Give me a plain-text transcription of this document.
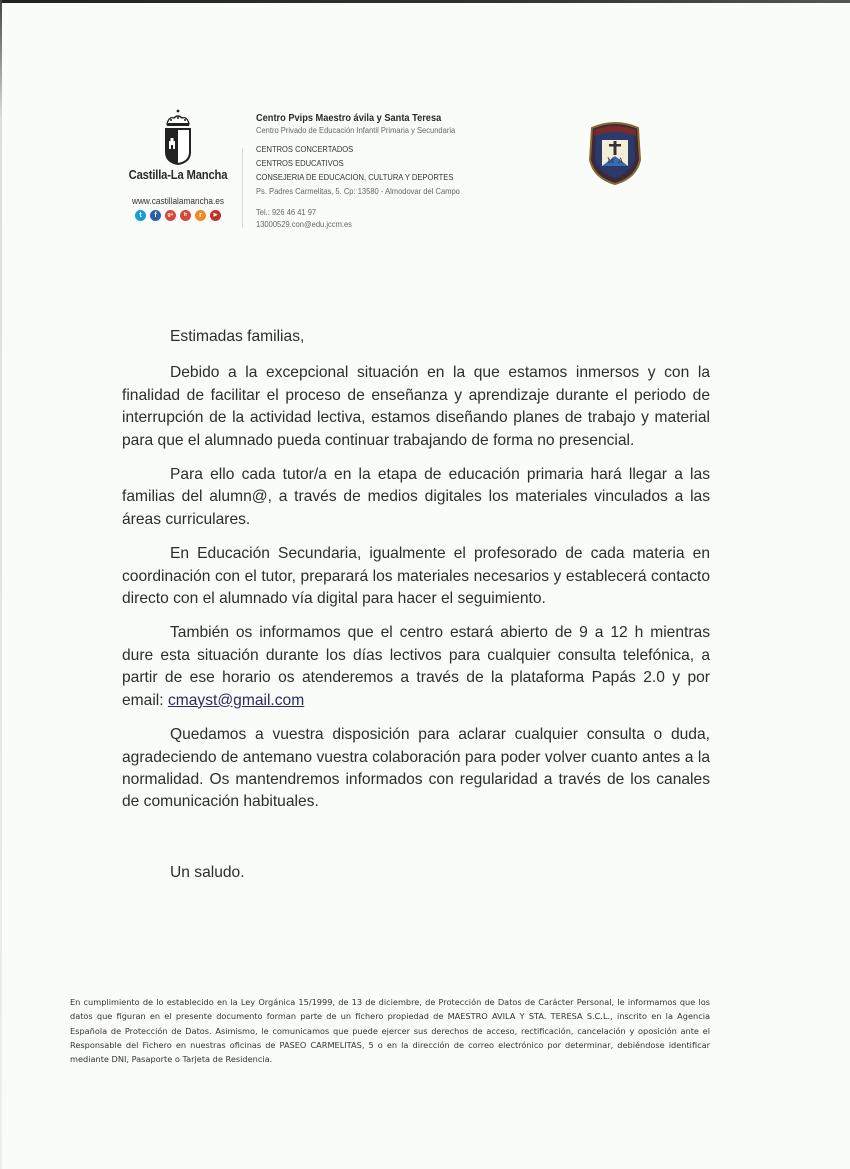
Castilla-La Mancha
www.castillalamancha.es
t	f	g+	fr	r	▶
Centro Pvips Maestro ávila y Santa Teresa
Centro Privado de Educación Infantil Primaria y Secundaria
CENTROS CONCERTADOS
CENTROS EDUCATIVOS
CONSEJERIA DE EDUCACION, CULTURA Y DEPORTES
Ps. Padres Carmelitas, 5. Cp: 13580 - Almodovar del Campo
Tel.: 926 46 41 97
13000529.con@edu.jccm.es
M A

Estimadas familias,

Debido a la excepcional situación en la que estamos inmersos y con la finalidad de facilitar el proceso de enseñanza y aprendizaje durante el periodo de interrupción de la actividad lectiva, estamos diseñando planes de trabajo y material para que el alumnado pueda continuar trabajando de forma no presencial.

Para ello cada tutor/a en la etapa de educación primaria hará llegar a las familias del alumn@, a través de medios digitales los materiales vinculados a las áreas curriculares.

En Educación Secundaria, igualmente el profesorado de cada materia en coordinación con el tutor, preparará los materiales necesarios y establecerá contacto directo con el alumnado vía digital para hacer el seguimiento.

También os informamos que el centro estará abierto de 9 a 12 h mientras dure esta situación durante los días lectivos para cualquier consulta telefónica, a partir de ese horario os atenderemos a través de la plataforma Papás 2.0 y por email: cmayst@gmail.com

Quedamos a vuestra disposición para aclarar cualquier consulta o duda, agradeciendo de antemano vuestra colaboración para poder volver cuanto antes a la normalidad. Os mantendremos informados con regularidad a través de los canales de comunicación habituales.

Un saludo.

En cumplimiento de lo establecido en la Ley Orgánica 15/1999, de 13 de diciembre, de Protección de Datos de Carácter Personal, le informamos que los datos que figuran en el presente documento forman parte de un fichero propiedad de MAESTRO AVILA Y STA. TERESA S.C.L., inscrito en la Agencia Española de Protección de Datos. Asimismo, le comunicamos que puede ejercer sus derechos de acceso, rectificación, cancelación y oposición ante el Responsable del Fichero en nuestras oficinas de PASEO CARMELITAS, 5 o en la dirección de correo electrónico por determinar, debiéndose identificar mediante DNI, Pasaporte o Tarjeta de Residencia.
